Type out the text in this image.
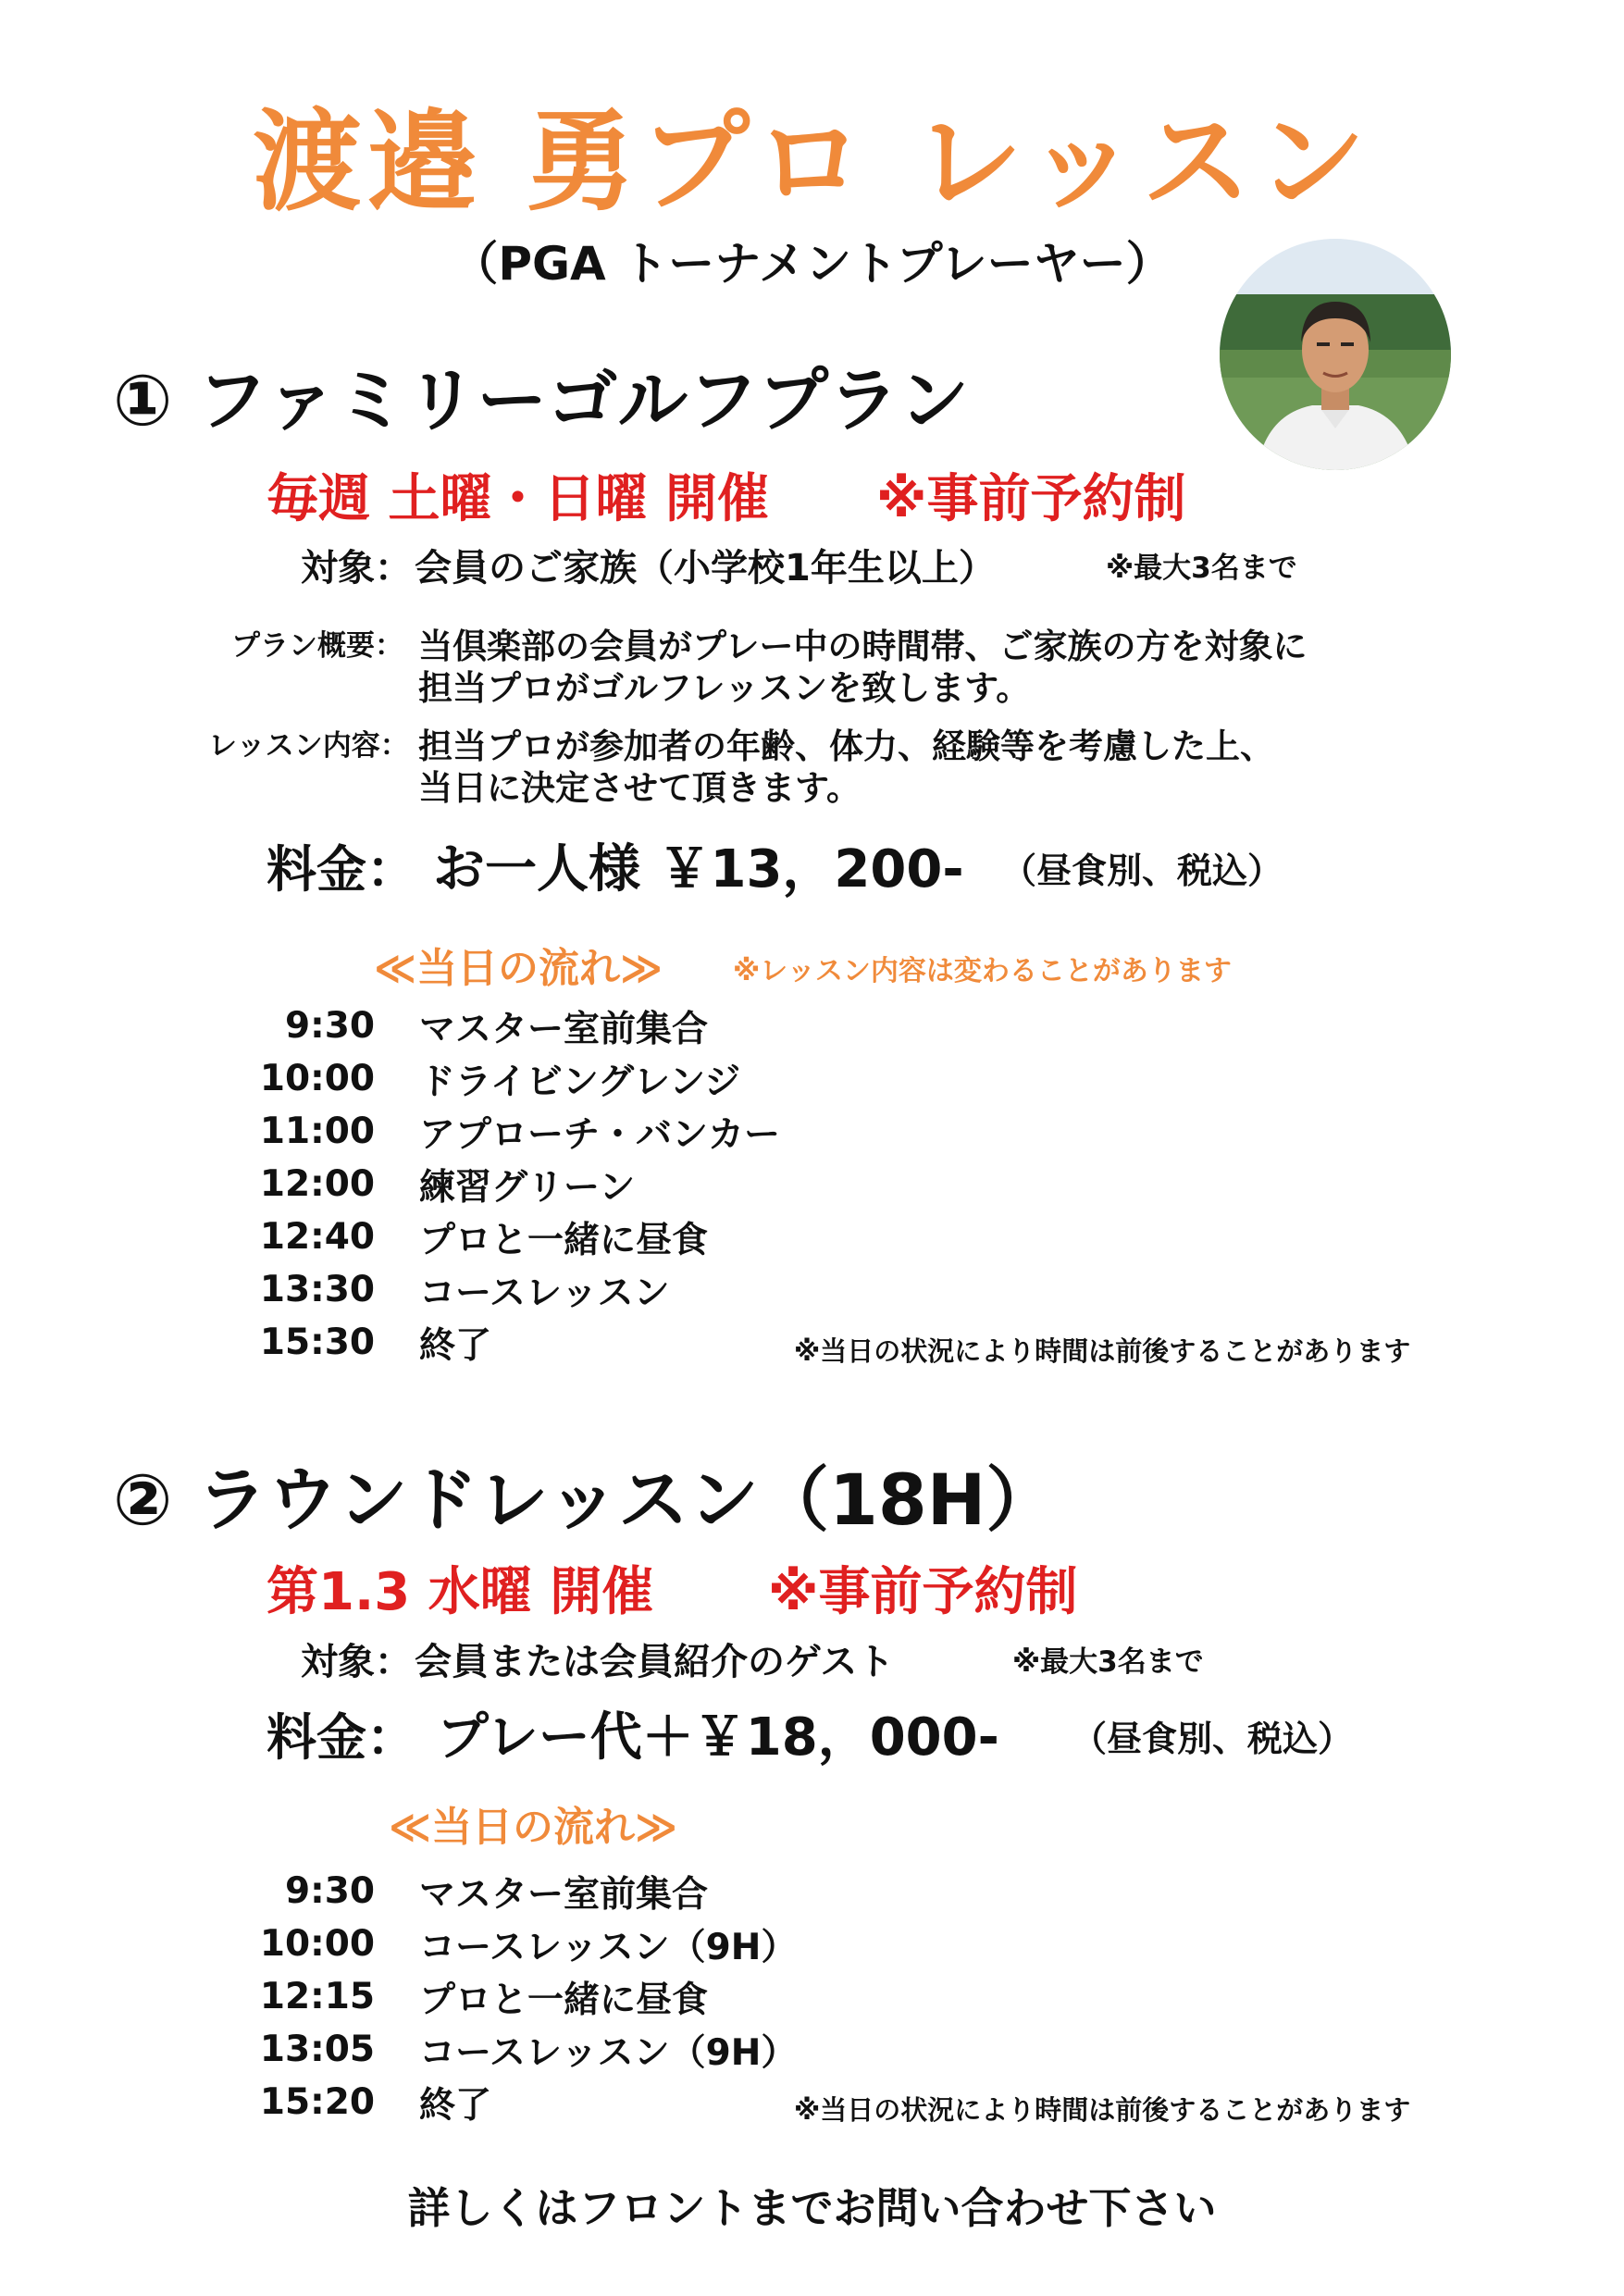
渡邉 勇プロ レッスン
（PGA トーナメントプレーヤー）
① ファミリーゴルフプラン
毎週 土曜・日曜 開催 ※事前予約制
対象： 会員のご家族（小学校1年生以上）	※最大3名まで
プラン概要： 当倶楽部の会員がプレー中の時間帯、ご家族の方を対象に
担当プロがゴルフレッスンを致します。
レッスン内容： 担当プロが参加者の年齢、体力、経験等を考慮した上、
当日に決定させて頂きます。
料金： お一人様 ￥13，200- （昼食別、税込）
≪当日の流れ≫	※レッスン内容は変わることがあります
9:30 マスター室前集合
10:00 ドライビングレンジ
11:00 アプローチ・バンカー
12:00 練習グリーン
12:40 プロと一緒に昼食
13:30 コースレッスン
15:30 終了	※当日の状況により時間は前後することがあります
② ラウンドレッスン（18H）
第1.3 水曜 開催 ※事前予約制
対象： 会員または会員紹介のゲスト	※最大3名まで
料金： プレー代＋￥18，000- （昼食別、税込）
≪当日の流れ≫
9:30 マスター室前集合
10:00 コースレッスン（9H）
12:15 プロと一緒に昼食
13:05 コースレッスン（9H）
15:20 終了	※当日の状況により時間は前後することがあります
詳しくはフロントまでお問い合わせ下さい
